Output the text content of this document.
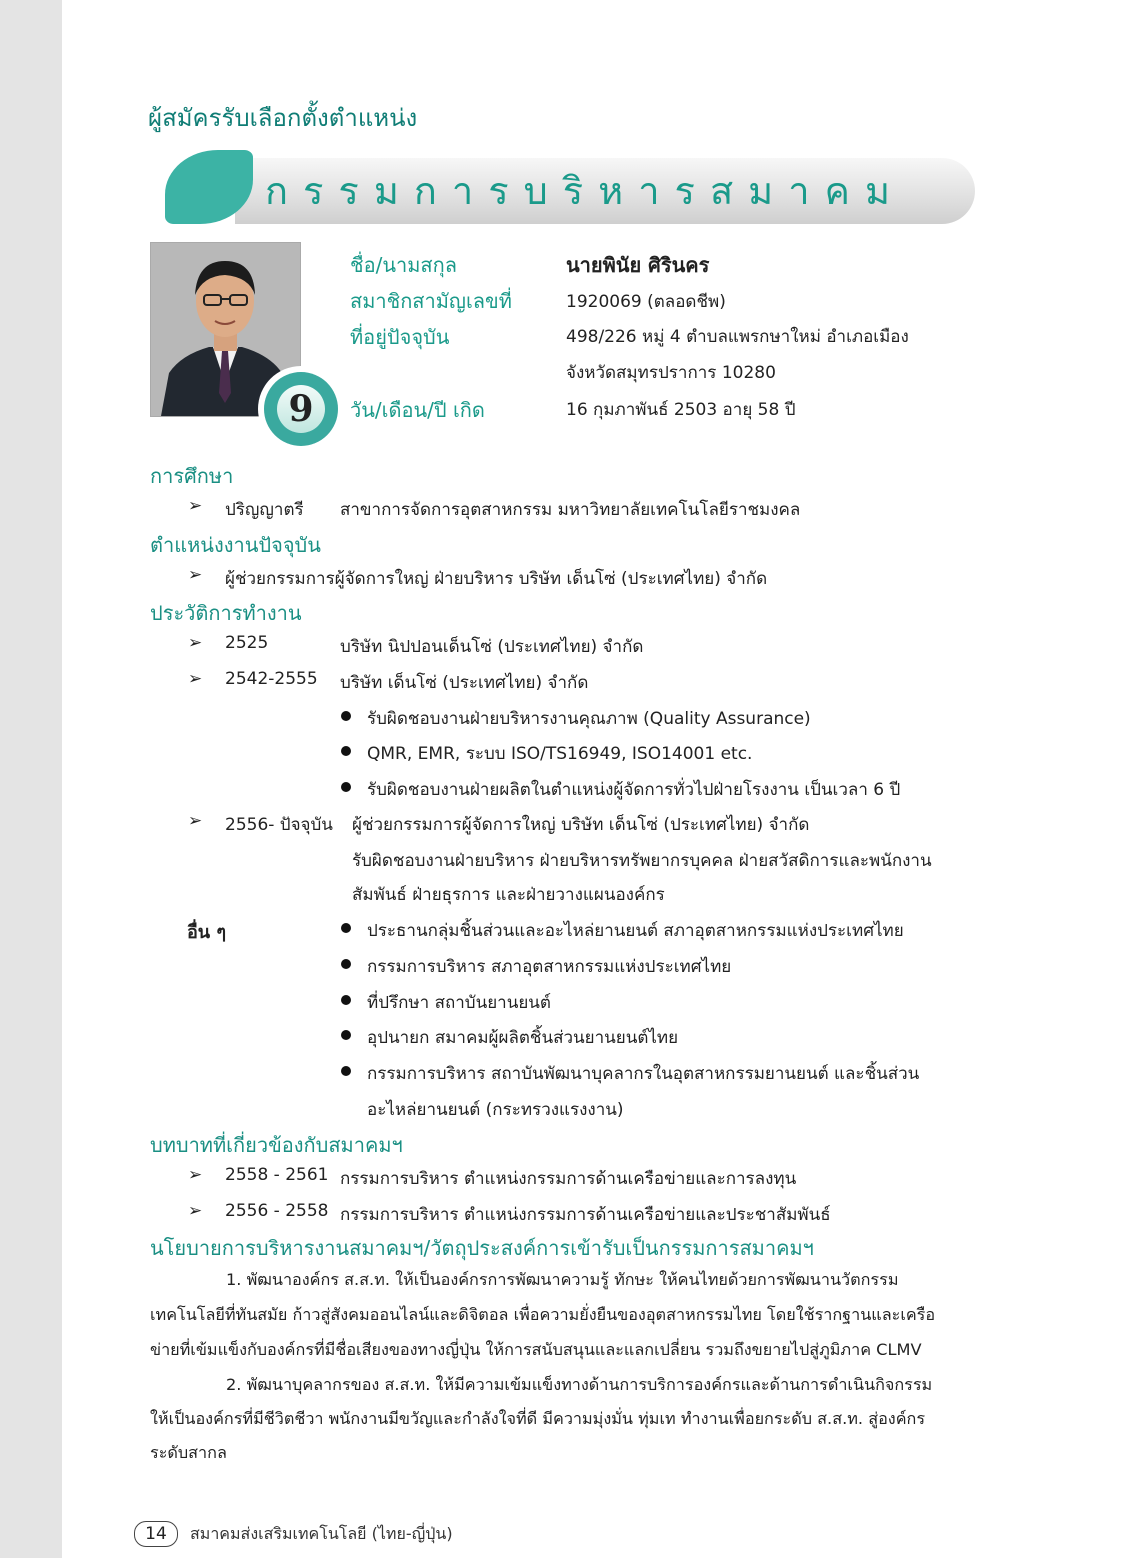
ผู้สมัครรับเลือกตั้งตำแหน่ง
กรรมการบริหารสมาคม
9
ชื่อ/นามสกุล	นายพินัย ศิรินคร
สมาชิกสามัญเลขที่	1920069 (ตลอดชีพ)
ที่อยู่ปัจจุบัน	498/226 หมู่ 4 ตำบลแพรกษาใหม่ อำเภอเมือง
จังหวัดสมุทรปราการ 10280
วัน/เดือน/ปี เกิด	16 กุมภาพันธ์ 2503 อายุ 58 ปี
การศึกษา
➢ ปริญญาตรี สาขาการจัดการอุตสาหกรรม มหาวิทยาลัยเทคโนโลยีราชมงคล
ตำแหน่งงานปัจจุบัน
➢ ผู้ช่วยกรรมการผู้จัดการใหญ่ ฝ่ายบริหาร บริษัท เด็นโซ่ (ประเทศไทย) จำกัด
ประวัติการทำงาน
➢ 2525	บริษัท นิปปอนเด็นโซ่ (ประเทศไทย) จำกัด
➢ 2542-2555 บริษัท เด็นโซ่ (ประเทศไทย) จำกัด
รับผิดชอบงานฝ่ายบริหารงานคุณภาพ (Quality Assurance)
QMR, EMR, ระบบ ISO/TS16949, ISO14001 etc.
รับผิดชอบงานฝ่ายผลิตในตำแหน่งผู้จัดการทั่วไปฝ่ายโรงงาน เป็นเวลา 6 ปี
➢ 2556- ปัจจุบัน ผู้ช่วยกรรมการผู้จัดการใหญ่ บริษัท เด็นโซ่ (ประเทศไทย) จำกัด
รับผิดชอบงานฝ่ายบริหาร ฝ่ายบริหารทรัพยากรบุคคล ฝ่ายสวัสดิการและพนักงาน
สัมพันธ์ ฝ่ายธุรการ และฝ่ายวางแผนองค์กร
อื่น ๆ	ประธานกลุ่มชิ้นส่วนและอะไหล่ยานยนต์ สภาอุตสาหกรรมแห่งประเทศไทย
กรรมการบริหาร สภาอุตสาหกรรมแห่งประเทศไทย
ที่ปรึกษา สถาบันยานยนต์
อุปนายก สมาคมผู้ผลิตชิ้นส่วนยานยนต์ไทย
กรรมการบริหาร สถาบันพัฒนาบุคลากรในอุตสาหกรรมยานยนต์ และชิ้นส่วน
อะไหล่ยานยนต์ (กระทรวงแรงงาน)
บทบาทที่เกี่ยวข้องกับสมาคมฯ
➢ 2558 - 2561 กรรมการบริหาร ตำแหน่งกรรมการด้านเครือข่ายและการลงทุน
➢ 2556 - 2558 กรรมการบริหาร ตำแหน่งกรรมการด้านเครือข่ายและประชาสัมพันธ์
นโยบายการบริหารงานสมาคมฯ/วัตถุประสงค์การเข้ารับเป็นกรรมการสมาคมฯ
1. พัฒนาองค์กร ส.ส.ท. ให้เป็นองค์กรการพัฒนาความรู้ ทักษะ ให้คนไทยด้วยการพัฒนานวัตกรรม
เทคโนโลยีที่ทันสมัย ก้าวสู่สังคมออนไลน์และดิจิตอล เพื่อความยั่งยืนของอุตสาหกรรมไทย โดยใช้รากฐานและเครือ
ข่ายที่เข้มแข็งกับองค์กรที่มีชื่อเสียงของทางญี่ปุ่น ให้การสนับสนุนและแลกเปลี่ยน รวมถึงขยายไปสู่ภูมิภาค CLMV
2. พัฒนาบุคลากรของ ส.ส.ท. ให้มีความเข้มแข็งทางด้านการบริการองค์กรและด้านการดำเนินกิจกรรม
ให้เป็นองค์กรที่มีชีวิตชีวา พนักงานมีขวัญและกำลังใจที่ดี มีความมุ่งมั่น ทุ่มเท ทำงานเพื่อยกระดับ ส.ส.ท. สู่องค์กร
ระดับสากล
14	สมาคมส่งเสริมเทคโนโลยี (ไทย-ญี่ปุ่น)
